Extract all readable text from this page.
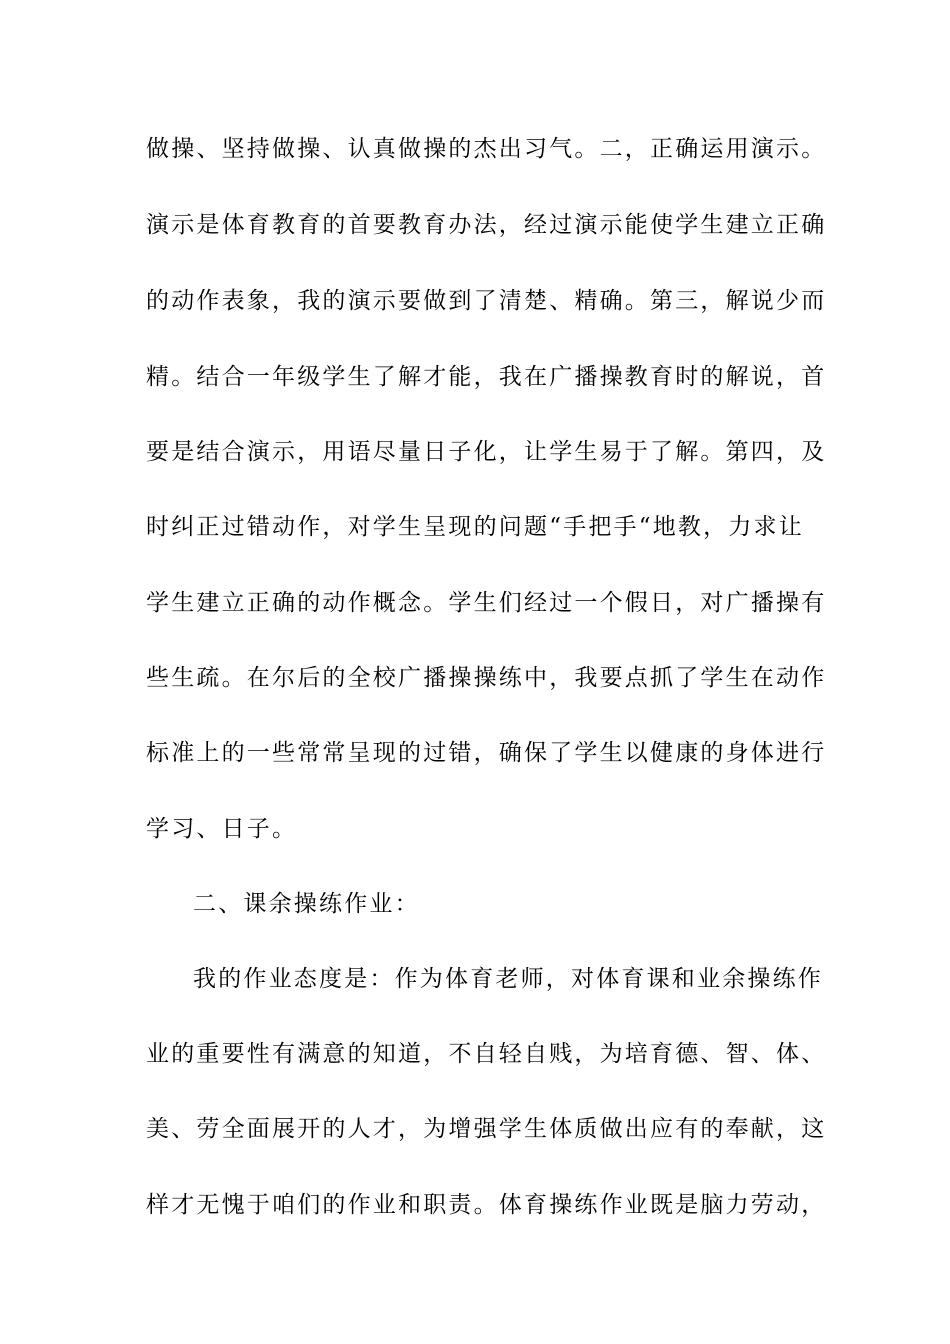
做操、坚持做操、认真做操的杰出习气。二，正确运用演示。
演示是体育教育的首要教育办法，经过演示能使学生建立正确
的动作表象，我的演示要做到了清楚、精确。第三，解说少而
精。结合一年级学生了解才能，我在广播操教育时的解说，首
要是结合演示，用语尽量日子化，让学生易于了解。第四，及
时纠正过错动作，对学生呈现的问题“手把手“地教，力求让
学生建立正确的动作概念。学生们经过一个假日，对广播操有
些生疏。在尔后的全校广播操操练中，我要点抓了学生在动作
标准上的一些常常呈现的过错，确保了学生以健康的身体进行
学习、日子。
二、课余操练作业：
我的作业态度是：作为体育老师，对体育课和业余操练作
业的重要性有满意的知道，不自轻自贱，为培育德、智、体、
美、劳全面展开的人才，为增强学生体质做出应有的奉献，这
样才无愧于咱们的作业和职责。体育操练作业既是脑力劳动，
